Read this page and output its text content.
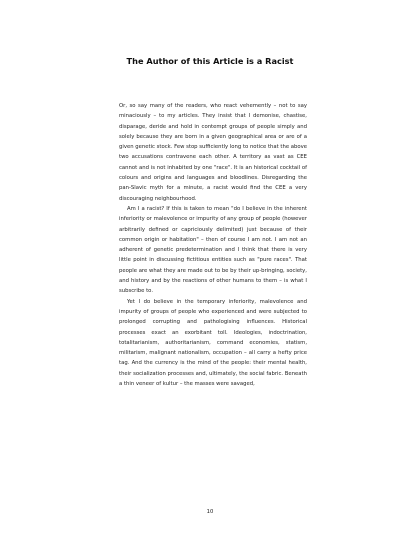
The Author of this Article is a Racist

Or, so say many of the readers, who react vehemently – not to say minaciously – to my articles. They insist that I demonise, chastise, disparage, deride and hold in contempt groups of people simply and solely because they are born in a given geographical area or are of a given genetic stock. Few stop sufficiently long to notice that the above two accusations contravene each other. A territory as vast as CEE cannot and is not inhabited by one "race". It is an historical cocktail of colours and origins and languages and bloodlines. Disregarding the pan-Slavic myth for a minute, a racist would find the CEE a very discouraging neighbourhood.

Am I a racist? If this is taken to mean "do I believe in the inherent inferiority or malevolence or impurity of any group of people (however arbitrarily defined or capriciously delimited) just because of their common origin or habitation" – then of course I am not. I am not an adherent of genetic predetermination and I think that there is very little point in discussing fictitious entities such as "pure races". That people are what they are made out to be by their up-bringing, society, and history and by the reactions of other humans to them – is what I subscribe to.

Yet I do believe in the temporary inferiority, malevolence and impurity of groups of people who experienced and were subjected to prolonged corrupting and pathologising influences. Historical processes exact an exorbitant toll. Ideologies, indoctrination, totalitarianism, authoritarianism, command economies, statism, militarism, malignant nationalism, occupation – all carry a hefty price tag. And the currency is the mind of the people: their mental health, their socialization processes and, ultimately, the social fabric. Beneath a thin veneer of kultur – the masses were savaged,

10
